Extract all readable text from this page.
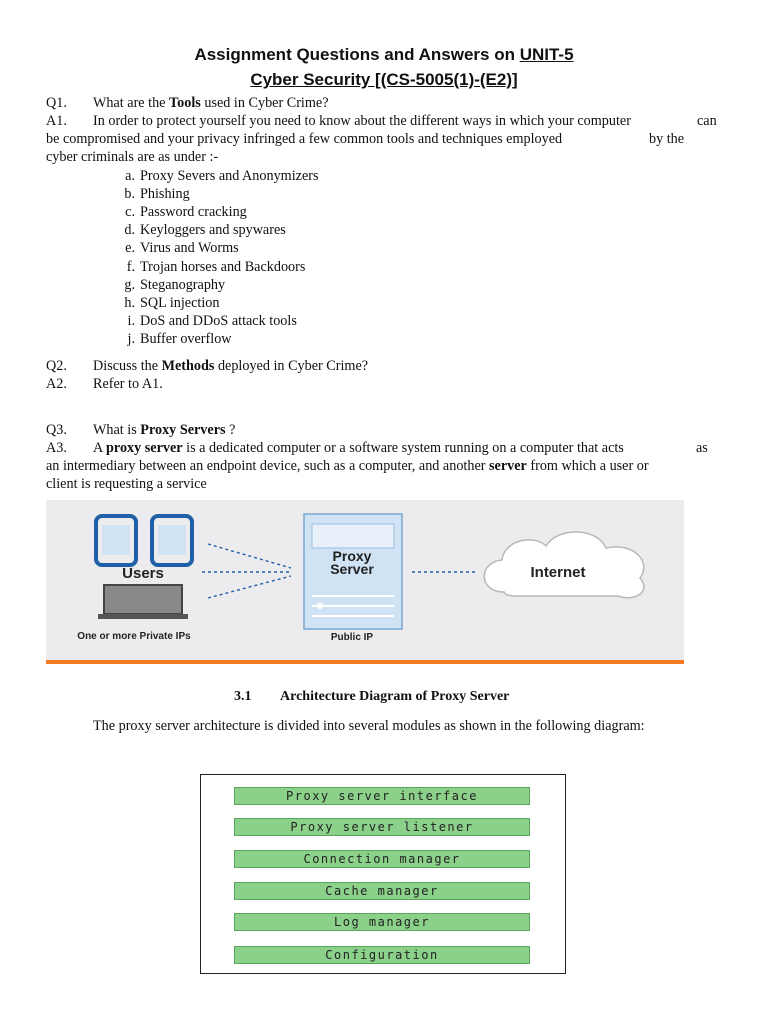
Assignment Questions and Answers on UNIT-5
Cyber Security [(CS-5005(1)-(E2)]
Q1. What are the Tools used in Cyber Crime?
A1. In order to protect yourself you need to know about the different ways in which your computer	can
be compromised and your privacy infringed a few common tools and techniques employed	by the
cyber criminals are as under :-
a. Proxy Severs and Anonymizers
b. Phishing
c. Password cracking
d. Keyloggers and spywares
e. Virus and Worms
f. Trojan horses and Backdoors
g. Steganography
h. SQL injection
i. DoS and DDoS attack tools
j. Buffer overflow
Q2. Discuss the Methods deployed in Cyber Crime?
A2. Refer to A1.
Q3. What is Proxy Servers ?
A3. A proxy server is a dedicated computer or a software system running on a computer that acts	as
an intermediary between an endpoint device, such as a computer, and another server from which a user or
client is requesting a service
Users
One or more Private IPs
Proxy
Server
Public IP
Internet
3.1 Architecture Diagram of Proxy Server
The proxy server architecture is divided into several modules as shown in the following diagram:
Proxy server interface
Proxy server listener
Connection manager
Cache manager
Log manager
Configuration
